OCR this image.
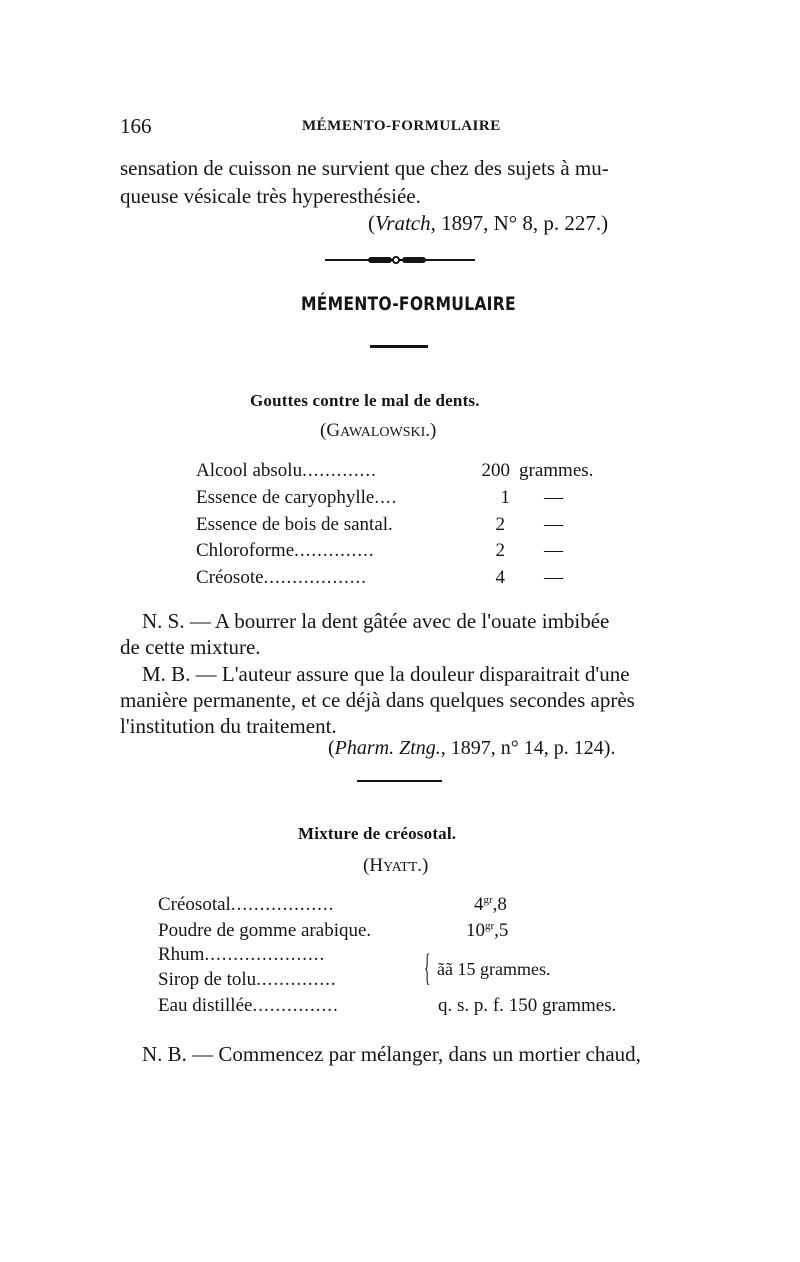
166	MÉMENTO-FORMULAIRE
sensation de cuisson ne survient que chez des sujets à mu-
queuse vésicale très hyperesthésiée.
(Vratch, 1897, N° 8, p. 227.)
MÉMENTO-FORMULAIRE
Gouttes contre le mal de dents.
(GAWALOWSKI.)
Alcool absolu.............	200 grammes.
Essence de caryophylle....	1 —
Essence de bois de santal.	2 —
Chloroforme..............	2 —
Créosote..................	4 —
N. S. — A bourrer la dent gâtée avec de l'ouate imbibée
de cette mixture.
M. B. — L'auteur assure que la douleur disparaitrait d'une
manière permanente, et ce déjà dans quelques secondes après
l'institution du traitement.
(Pharm. Ztng., 1897, n° 14, p. 124).
Mixture de créosotal.
(HYATT.)
Créosotal..................	$4^{gr},8$
Poudre de gomme arabique.	$10^{gr},5$
Rhum.....................
Sirop de tolu.............. { ãã 15 grammes.
Eau distillée...............	q. s. p. f. 150 grammes.
N. B. — Commencez par mélanger, dans un mortier chaud,
